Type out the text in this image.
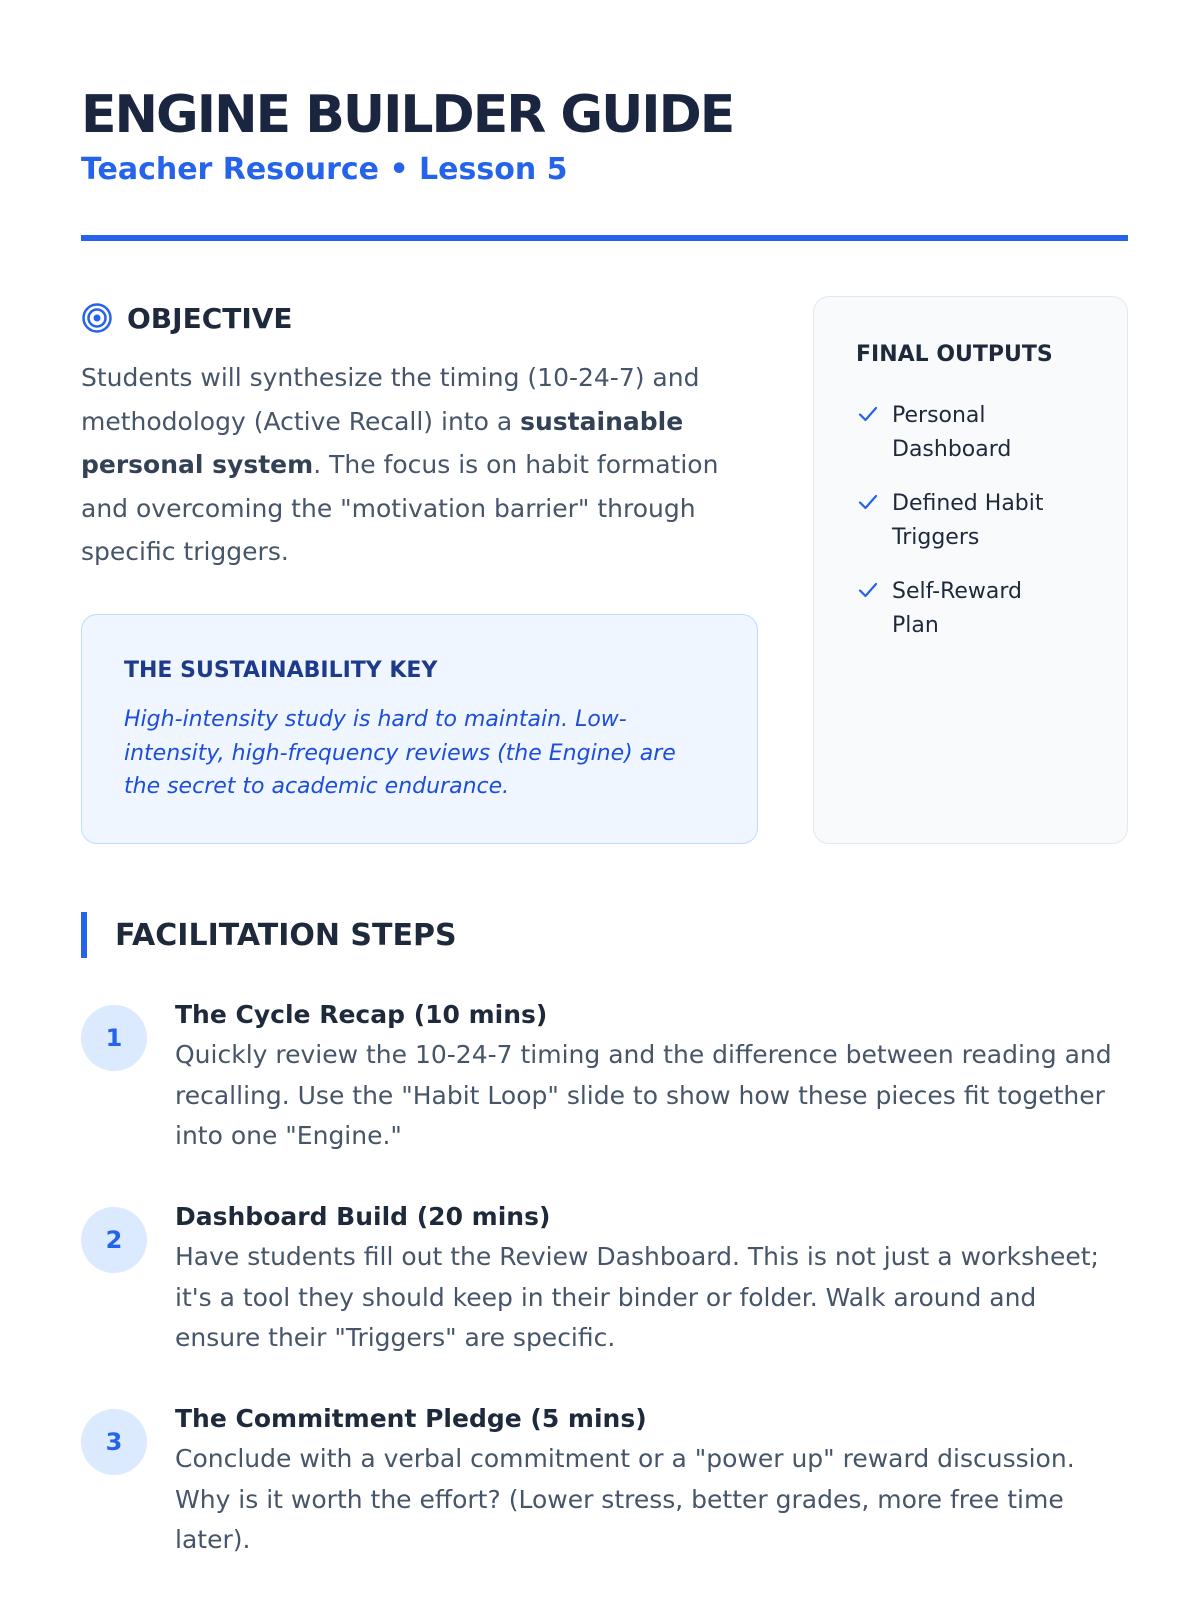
ENGINE BUILDER GUIDE
Teacher Resource • Lesson 5
OBJECTIVE

Students will synthesize the timing (10-24-7) and methodology (Active Recall) into a sustainable personal system. The focus is on habit formation and overcoming the "motivation barrier" through specific triggers.

THE SUSTAINABILITY KEY
High-intensity study is hard to maintain. Low-intensity, high-frequency reviews (the Engine) are the secret to academic endurance.
FINAL OUTPUTS
Personal Dashboard
Defined Habit Triggers
Self-Reward Plan
FACILITATION STEPS
1
The Cycle Recap (10 mins)
Quickly review the 10-24-7 timing and the difference between reading and recalling. Use the "Habit Loop" slide to show how these pieces fit together into one "Engine."
2
Dashboard Build (20 mins)
Have students fill out the Review Dashboard. This is not just a worksheet; it's a tool they should keep in their binder or folder. Walk around and ensure their "Triggers" are specific.
3
The Commitment Pledge (5 mins)
Conclude with a verbal commitment or a "power up" reward discussion. Why is it worth the effort? (Lower stress, better grades, more free time later).
